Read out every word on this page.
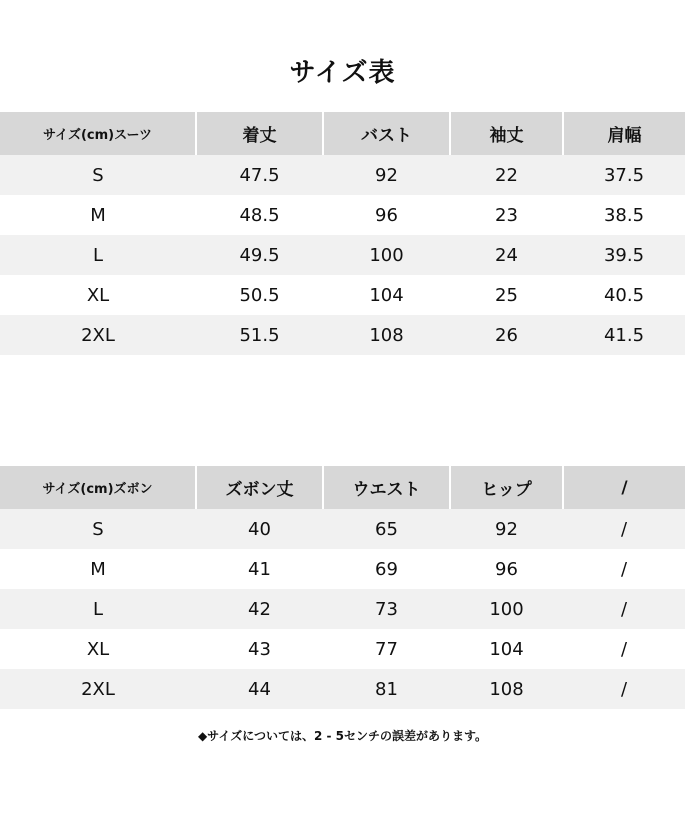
サイズ表
サイズ(cm)スーツ	着丈	バスト	袖丈	肩幅
S	47.5	92	22	37.5
M	48.5	96	23	38.5
L	49.5	100	24	39.5
XL	50.5	104	25	40.5
2XL	51.5	108	26	41.5
サイズ(cm)ズボン	ズボン丈	ウエスト	ヒップ	/
S	40	65	92	/
M	41	69	96	/
L	42	73	100	/
XL	43	77	104	/
2XL	44	81	108	/
◆サイズについては、2 - 5センチの誤差があります。
